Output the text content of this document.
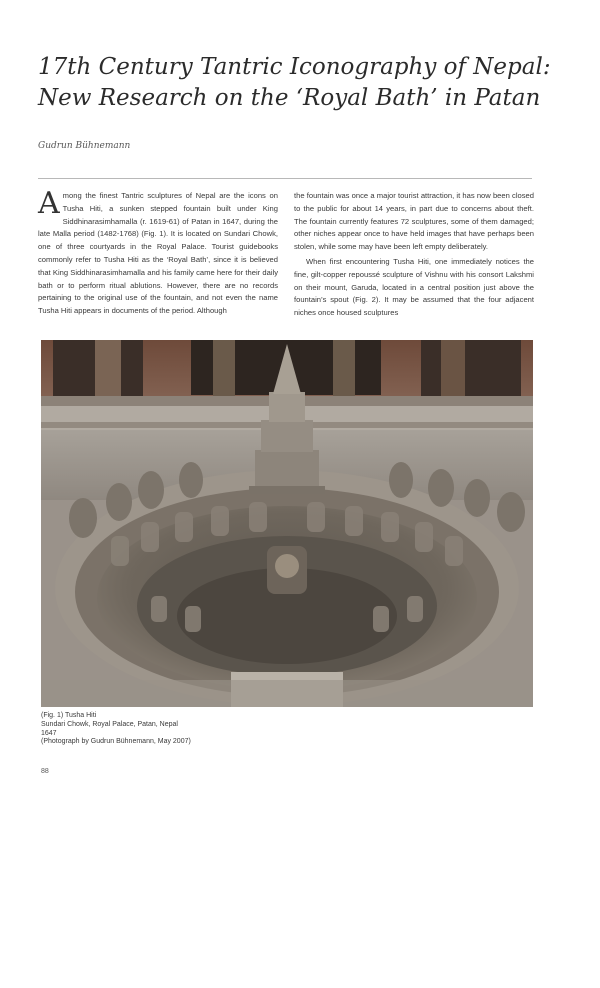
17th Century Tantric Iconography of Nepal:
New Research on the ‘Royal Bath’ in Patan
Gudrun Bühnemann

Among the finest Tantric sculptures of Nepal are the icons on Tusha Hiti, a sunken stepped fountain built under King Siddhinarasimhamalla (r. 1619-61) of Patan in 1647, during the late Malla period (1482-1768) (Fig. 1). It is located on Sundari Chowk, one of three courtyards in the Royal Palace. Tourist guidebooks commonly refer to Tusha Hiti as the ‘Royal Bath’, since it is believed that King Siddhinarasimhamalla and his family came here for their daily bath or to perform ritual ablutions. However, there are no records pertaining to the original use of the fountain, and not even the name Tusha Hiti appears in documents of the period. Although

the fountain was once a major tourist attraction, it has now been closed to the public for about 14 years, in part due to concerns about theft. The fountain currently features 72 sculptures, some of them damaged; other niches appear once to have held images that have perhaps been stolen, while some may have been left empty deliberately.

When first encountering Tusha Hiti, one immediately notices the fine, gilt-copper repoussé sculpture of Vishnu with his consort Lakshmi on their mount, Garuda, located in a central position just above the fountain’s spout (Fig. 2). It may be assumed that the four adjacent niches once housed sculptures

(Fig. 1) Tusha Hiti
Sundari Chowk, Royal Palace, Patan, Nepal
1647
(Photograph by Gudrun Bühnemann, May 2007)
88
